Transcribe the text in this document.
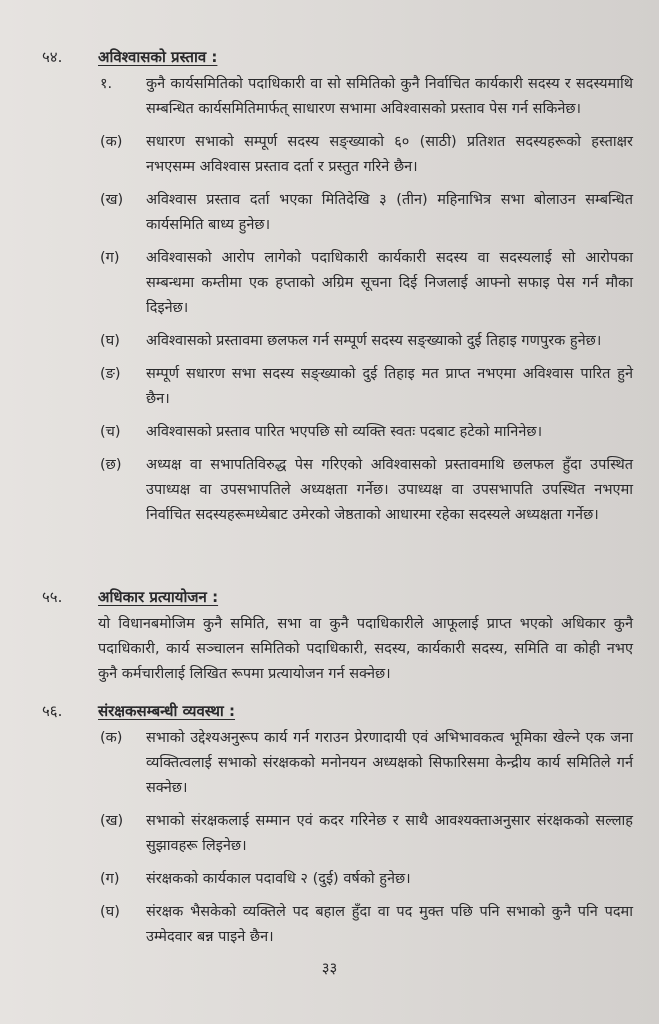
५४. अविश्वासको प्रस्ताव :
१. कुनै कार्यसमितिको पदाधिकारी वा सो समितिको कुनै निर्वाचित कार्यकारी सदस्य र सदस्यमाथि सम्बन्धित कार्यसमितिमार्फत् साधारण सभामा अविश्वासको प्रस्ताव पेस गर्न सकिनेछ।
(क) सधारण सभाको सम्पूर्ण सदस्य सङ्ख्याको ६० (साठी) प्रतिशत सदस्यहरूको हस्ताक्षर नभएसम्म अविश्वास प्रस्ताव दर्ता र प्रस्तुत गरिने छैन।
(ख) अविश्वास प्रस्ताव दर्ता भएका मितिदेखि ३ (तीन) महिनाभित्र सभा बोलाउन सम्बन्धित कार्यसमिति बाध्य हुनेछ।
(ग) अविश्वासको आरोप लागेको पदाधिकारी कार्यकारी सदस्य वा सदस्यलाई सो आरोपका सम्बन्धमा कम्तीमा एक हप्ताको अग्रिम सूचना दिई निजलाई आफ्नो सफाइ पेस गर्न मौका दिइनेछ।
(घ) अविश्वासको प्रस्तावमा छलफल गर्न सम्पूर्ण सदस्य सङ्ख्याको दुई तिहाइ गणपुरक हुनेछ।
(ङ) सम्पूर्ण सधारण सभा सदस्य सङ्ख्याको दुई तिहाइ मत प्राप्त नभएमा अविश्वास पारित हुने छैन।
(च) अविश्वासको प्रस्ताव पारित भएपछि सो व्यक्ति स्वतः पदबाट हटेको मानिनेछ।
(छ) अध्यक्ष वा सभापतिविरुद्ध पेस गरिएको अविश्वासको प्रस्तावमाथि छलफल हुँदा उपस्थित उपाध्यक्ष वा उपसभापतिले अध्यक्षता गर्नेछ। उपाध्यक्ष वा उपसभापति उपस्थित नभएमा निर्वाचित सदस्यहरूमध्येबाट उमेरको जेष्ठताको आधारमा रहेका सदस्यले अध्यक्षता गर्नेछ।
५५. अधिकार प्रत्यायोजन :
यो विधानबमोजिम कुनै समिति, सभा वा कुनै पदाधिकारीले आफूलाई प्राप्त भएको अधिकार कुनै पदाधिकारी, कार्य सञ्चालन समितिको पदाधिकारी, सदस्य, कार्यकारी सदस्य, समिति वा कोही नभए कुनै कर्मचारीलाई लिखित रूपमा प्रत्यायोजन गर्न सक्नेछ।
५६. संरक्षकसम्बन्धी व्यवस्था :
(क) सभाको उद्देश्यअनुरूप कार्य गर्न गराउन प्रेरणादायी एवं अभिभावकत्व भूमिका खेल्ने एक जना व्यक्तित्वलाई सभाको संरक्षकको मनोनयन अध्यक्षको सिफारिसमा केन्द्रीय कार्य समितिले गर्न सक्नेछ।
(ख) सभाको संरक्षकलाई सम्मान एवं कदर गरिनेछ र साथै आवश्यक्ताअनुसार संरक्षकको सल्लाह सुझावहरू लिइनेछ।
(ग) संरक्षकको कार्यकाल पदावधि २ (दुई) वर्षको हुनेछ।
(घ) संरक्षक भैसकेको व्यक्तिले पद बहाल हुँदा वा पद मुक्त पछि पनि सभाको कुनै पनि पदमा उम्मेदवार बन्न पाइने छैन।
३३
